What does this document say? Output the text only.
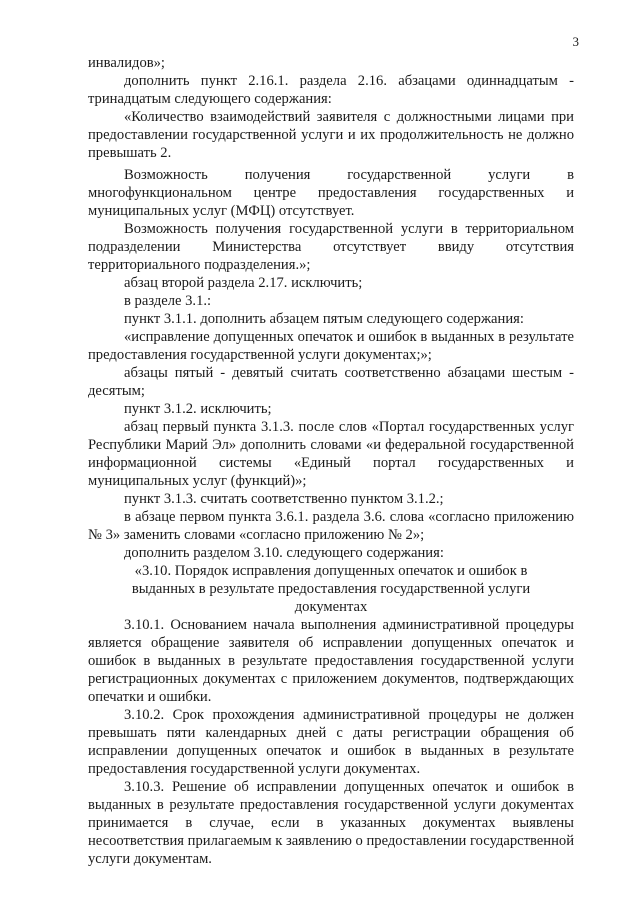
3

инвалидов»;

дополнить пункт 2.16.1. раздела 2.16. абзацами одиннадцатым - тринадцатым следующего содержания:

«Количество взаимодействий заявителя с должностными лицами при предоставлении государственной услуги и их продолжительность не должно превышать 2.

Возможность получения государственной услуги в многофункциональном центре предоставления государственных и муниципальных услуг (МФЦ) отсутствует.

Возможность получения государственной услуги в территориальном подразделении Министерства отсутствует ввиду отсутствия территориального подразделения.»;

абзац второй раздела 2.17. исключить;

в разделе 3.1.:

пункт 3.1.1. дополнить абзацем пятым следующего содержания:

«исправление допущенных опечаток и ошибок в выданных в результате предоставления государственной услуги документах;»;

абзацы пятый - девятый считать соответственно абзацами шестым - десятым;

пункт 3.1.2. исключить;

абзац первый пункта 3.1.3. после слов «Портал государственных услуг Республики Марий Эл» дополнить словами «и федеральной государственной информационной системы «Единый портал государственных и муниципальных услуг (функций)»;

пункт 3.1.3. считать соответственно пунктом 3.1.2.;

в абзаце первом пункта 3.6.1. раздела 3.6. слова «согласно приложению № 3» заменить словами «согласно приложению № 2»;

дополнить разделом 3.10. следующего содержания:

«3.10. Порядок исправления допущенных опечаток и ошибок в выданных в результате предоставления государственной услуги документах

3.10.1. Основанием начала выполнения административной процедуры является обращение заявителя об исправлении допущенных опечаток и ошибок в выданных в результате предоставления государственной услуги регистрационных документах с приложением документов, подтверждающих опечатки и ошибки.

3.10.2. Срок прохождения административной процедуры не должен превышать пяти календарных дней с даты регистрации обращения об исправлении допущенных опечаток и ошибок в выданных в результате предоставления государственной услуги документах.

3.10.3. Решение об исправлении допущенных опечаток и ошибок в выданных в результате предоставления государственной услуги документах принимается в случае, если в указанных документах выявлены несоответствия прилагаемым к заявлению о предоставлении государственной услуги документам.
